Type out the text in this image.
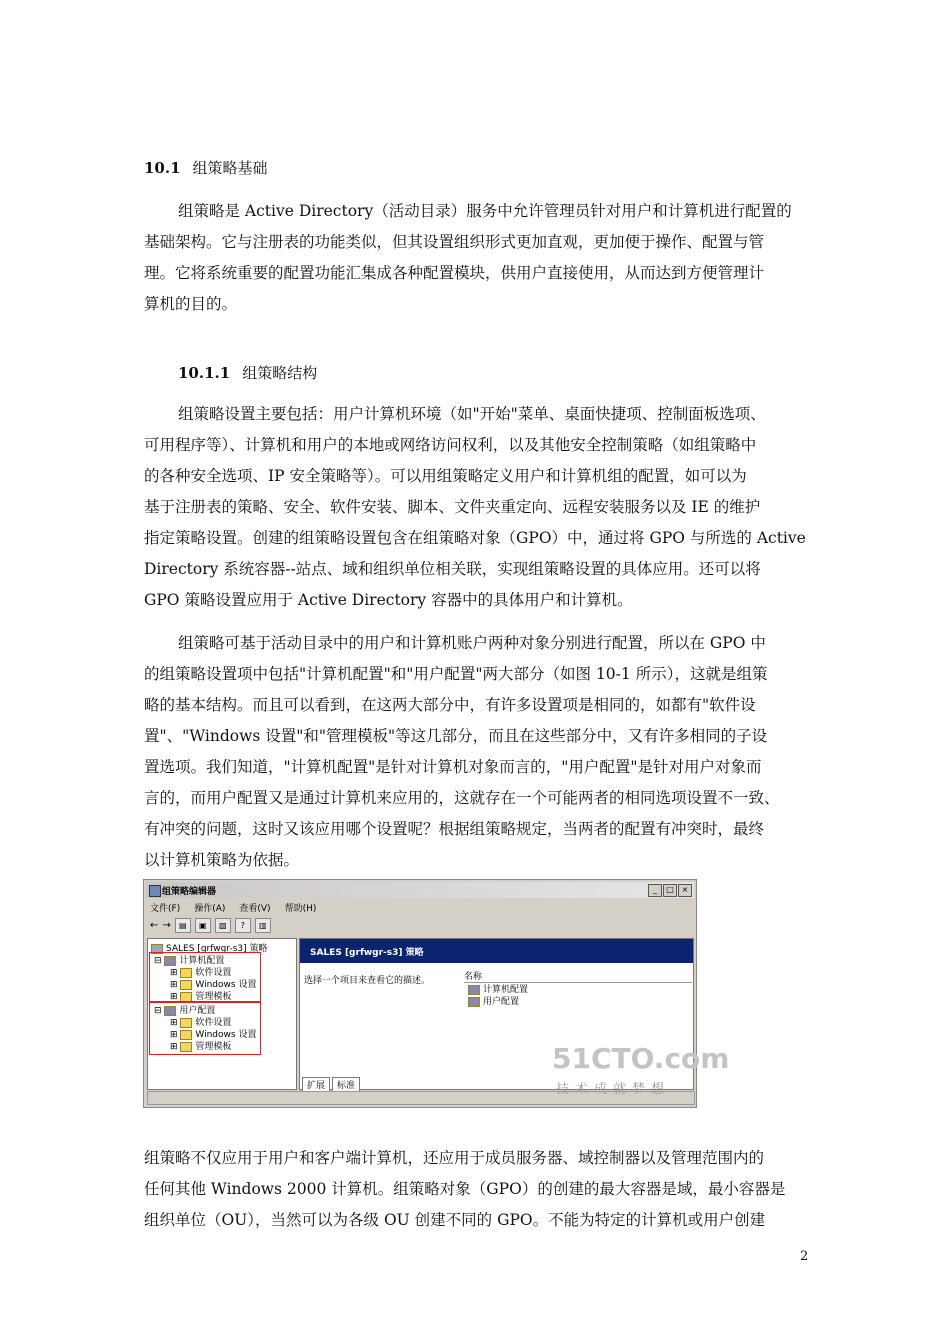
10.1 组策略基础
组策略是 Active Directory（活动目录）服务中允许管理员针对用户和计算机进行配置的
基础架构。它与注册表的功能类似，但其设置组织形式更加直观，更加便于操作、配置与管
理。它将系统重要的配置功能汇集成各种配置模块，供用户直接使用，从而达到方便管理计
算机的目的。
10.1.1 组策略结构
组策略设置主要包括：用户计算机环境（如"开始"菜单、桌面快捷项、控制面板选项、
可用程序等）、计算机和用户的本地或网络访问权利，以及其他安全控制策略（如组策略中
的各种安全选项、IP 安全策略等）。可以用组策略定义用户和计算机组的配置，如可以为
基于注册表的策略、安全、软件安装、脚本、文件夹重定向、远程安装服务以及 IE 的维护
指定策略设置。创建的组策略设置包含在组策略对象（GPO）中，通过将 GPO 与所选的 Active
Directory 系统容器--站点、域和组织单位相关联，实现组策略设置的具体应用。还可以将
GPO 策略设置应用于 Active Directory 容器中的具体用户和计算机。
组策略可基于活动目录中的用户和计算机账户两种对象分别进行配置，所以在 GPO 中
的组策略设置项中包括"计算机配置"和"用户配置"两大部分（如图 10-1 所示），这就是组策
略的基本结构。而且可以看到，在这两大部分中，有许多设置项是相同的，如都有"软件设
置"、"Windows 设置"和"管理模板"等这几部分，而且在这些部分中，又有许多相同的子设
置选项。我们知道，"计算机配置"是针对计算机对象而言的，"用户配置"是针对用户对象而
言的，而用户配置又是通过计算机来应用的，这就存在一个可能两者的相同选项设置不一致、
有冲突的问题，这时又该应用哪个设置呢？根据组策略规定，当两者的配置有冲突时，最终
以计算机策略为依据。
组策略编辑器	_	□ ×
文件(F) 操作(A) 查看(V) 帮助(H)
← →	▤	▣	▧	?	▥
SALES [grfwgr-s3] 策略
⊟ 计算机配置
⊞ 软件设置
⊞ Windows 设置
⊞ 管理模板
⊟ 用户配置
⊞ 软件设置
⊞ Windows 设置
⊞ 管理模板
SALES [grfwgr-s3] 策略
选择一个项目来查看它的描述。	名称
计算机配置
用户配置
扩展	标准
51CTO.com
技术成就梦想
组策略不仅应用于用户和客户端计算机，还应用于成员服务器、域控制器以及管理范围内的
任何其他 Windows 2000 计算机。组策略对象（GPO）的创建的最大容器是域，最小容器是
组织单位（OU），当然可以为各级 OU 创建不同的 GPO。不能为特定的计算机或用户创建
2
